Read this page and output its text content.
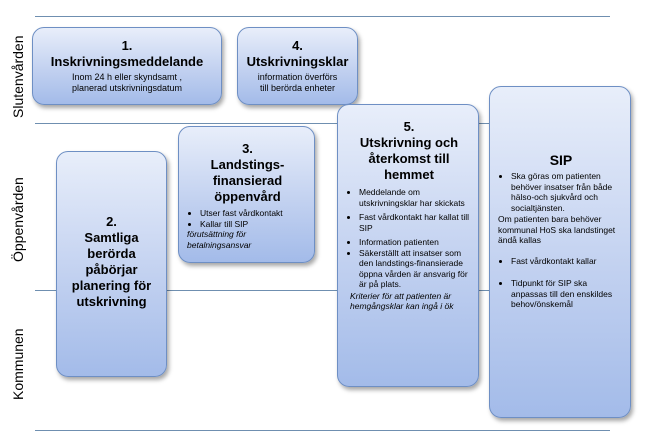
Slutenvården
Öppenvården
Kommunen
1.
Inskrivningsmeddelande
Inom 24 h eller skyndsamt ,
planerad utskrivningsdatum
4.
Utskrivningsklar
information överförs
till berörda enheter
2.
Samtliga
berörda
påbörjar
planering för
utskrivning
3.
Landstings-
finansierad
öppenvård
• Utser fast vårdkontakt
• Kallar till SIP
förutsättning för
betalningsansvar
5.
Utskrivning och
återkomst till
hemmet
• Meddelande om utskrivningsklar har skickats
• Fast vårdkontakt har kallat till SIP
• Information patienten
• Säkerställt att insatser som den landstings-finansierade öppna vården är ansvarig för är på plats.
Kriterier för att patienten är hemgångsklar kan ingå i ök
SIP
• Ska göras om patienten behöver insatser från både hälso-och sjukvård och socialtjänsten.
Om patienten bara behöver kommunal HoS ska landstinget ändå kallas
• Fast vårdkontakt kallar
• Tidpunkt för SIP ska anpassas till den enskildes behov/önskemål
